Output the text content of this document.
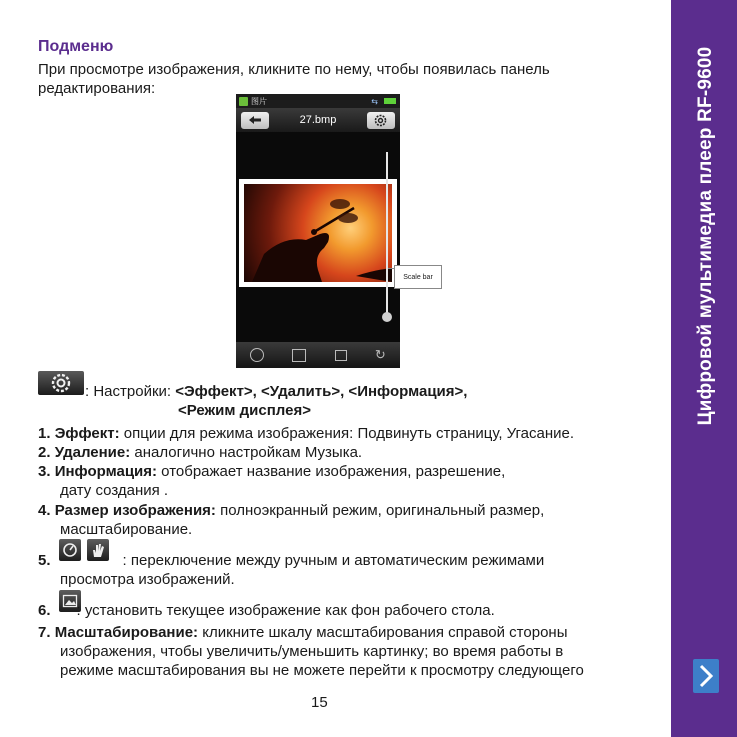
Цифровой мультимедиа плеер RF-9600
Подменю
При просмотре изображения, кликните по нему, чтобы появилась панель редактирования:
图片	⇆
27.bmp
↻
Scale bar
: Настройки: <Эффект>, <Удалить>, <Информация>,
<Режим дисплея>
1. Эффект: опции для режима изображения: Подвинуть страницу, Угасание.
2. Удаление: аналогично настройкам Музыка.
3. Информация: отображает название изображения, разрешение,
дату создания .
4. Размер изображения: полноэкранный режим, оригинальный размер,
масштабирование.
5.	: переключение между ручным и автоматическим режимами
просмотра изображений.
6. : установить текущее изображение как фон рабочего стола.
7. Масштабирование: кликните шкалу масштабирования справой стороны
изображения, чтобы увеличить/уменьшить картинку; во время работы в
режиме масштабирования вы не можете перейти к просмотру следующего
15
